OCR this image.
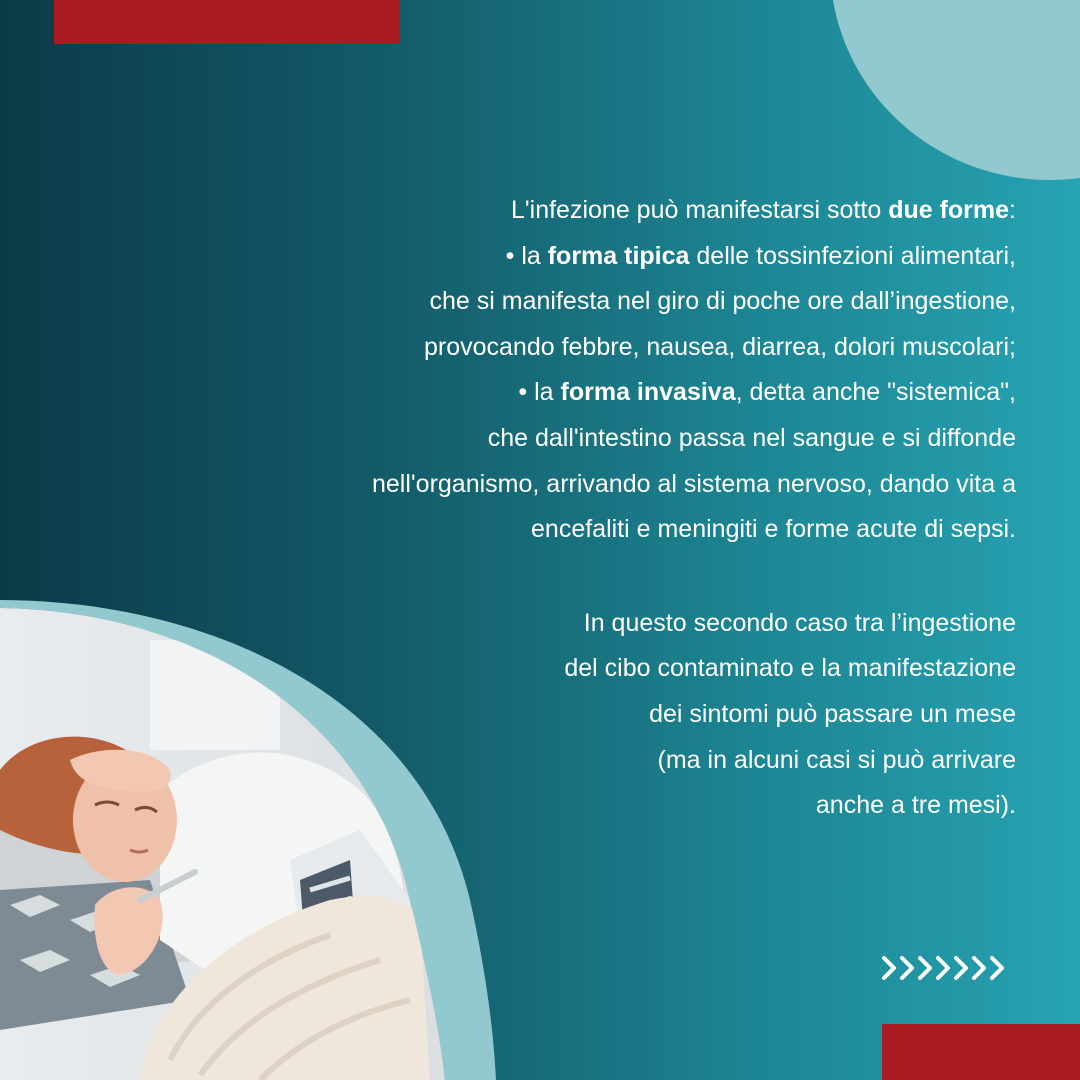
L'infezione può manifestarsi sotto due forme:
• la forma tipica delle tossinfezioni alimentari,
che si manifesta nel giro di poche ore dall’ingestione,
provocando febbre, nausea, diarrea, dolori muscolari;
• la forma invasiva, detta anche "sistemica",
che dall'intestino passa nel sangue e si diffonde
nell'organismo, arrivando al sistema nervoso, dando vita a
encefaliti e meningiti e forme acute di sepsi.
In questo secondo caso tra l’ingestione
del cibo contaminato e la manifestazione
dei sintomi può passare un mese
(ma in alcuni casi si può arrivare
anche a tre mesi).
